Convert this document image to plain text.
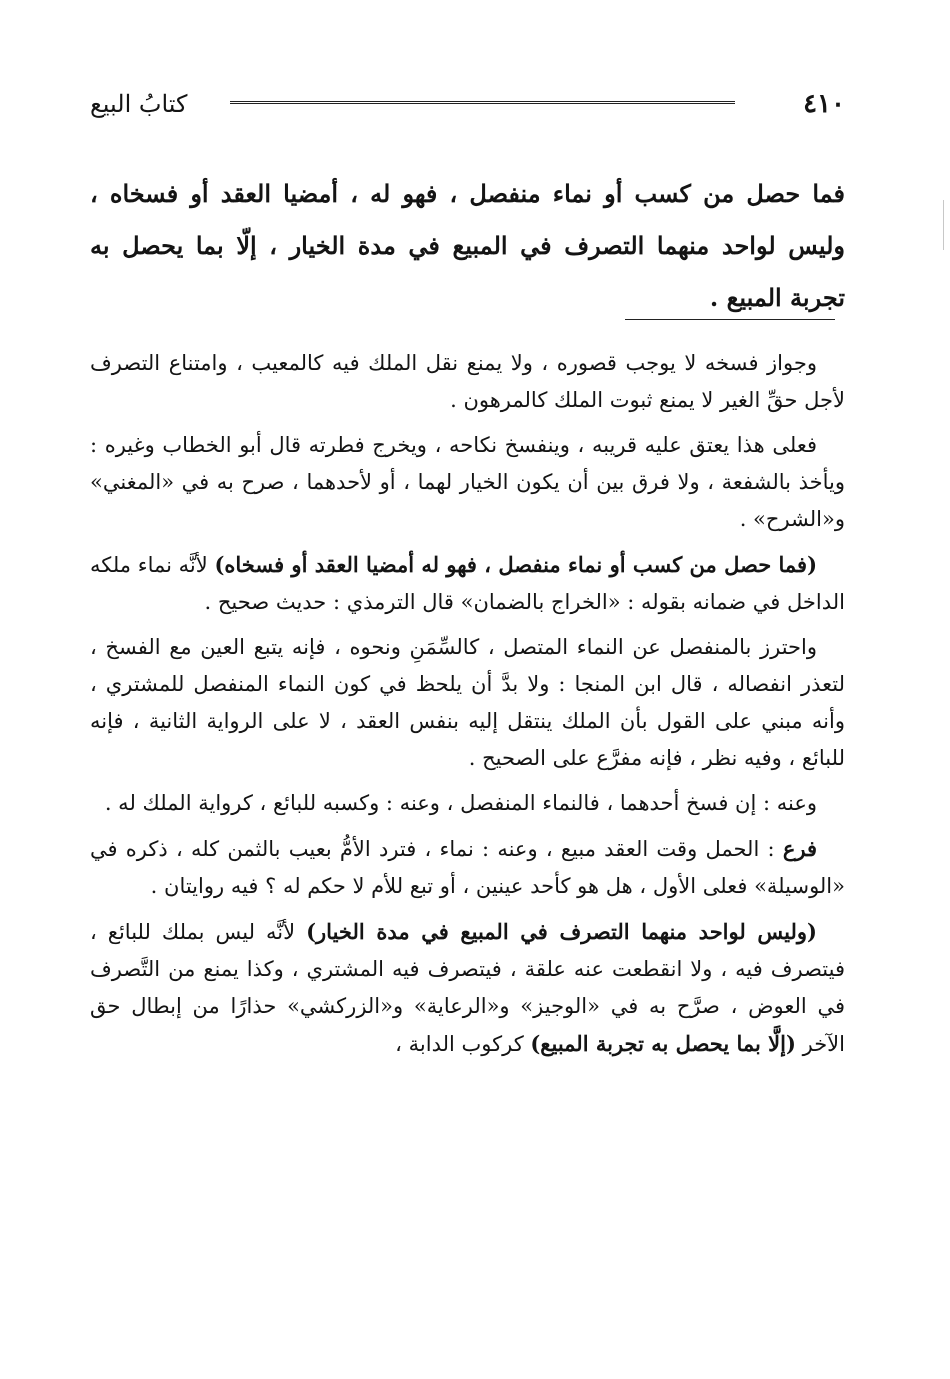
٤١٠
كتابُ البيع
فما حصل من كسب أو نماء منفصل ، فهو له ، أمضيا العقد أو فسخاه ، وليس لواحد منهما التصرف في المبيع في مدة الخيار ، إلّا بما يحصل به تجربة المبيع .

وجواز فسخه لا يوجب قصوره ، ولا يمنع نقل الملك فيه كالمعيب ، وامتناع التصرف لأجل حقِّ الغير لا يمنع ثبوت الملك كالمرهون .

فعلى هذا يعتق عليه قريبه ، وينفسخ نكاحه ، ويخرج فطرته قال أبو الخطاب وغيره : ويأخذ بالشفعة ، ولا فرق بين أن يكون الخيار لهما ، أو لأحدهما ، صرح به في «المغني» و«الشرح» .

(فما حصل من كسب أو نماء منفصل ، فهو له أمضيا العقد أو فسخاه) لأنَّه نماء ملكه الداخل في ضمانه بقوله : «الخراج بالضمان» قال الترمذي : حديث صحيح .

واحترز بالمنفصل عن النماء المتصل ، كالسِّمَنِ ونحوه ، فإنه يتبع العين مع الفسخ ، لتعذر انفصاله ، قال ابن المنجا : ولا بدَّ أن يلحظ في كون النماء المنفصل للمشتري ، وأنه مبني على القول بأن الملك ينتقل إليه بنفس العقد ، لا على الرواية الثانية ، فإنه للبائع ، وفيه نظر ، فإنه مفرَّع على الصحيح .

وعنه : إن فسخ أحدهما ، فالنماء المنفصل ، وعنه : وكسبه للبائع ، كرواية الملك له .

فرع : الحمل وقت العقد مبيع ، وعنه : نماء ، فترد الأمُّ بعيب بالثمن كله ، ذكره في «الوسيلة» فعلى الأول ، هل هو كأحد عينين ، أو تبع للأم لا حكم له ؟ فيه روايتان .

(وليس لواحد منهما التصرف في المبيع في مدة الخيار) لأنَّه ليس بملك للبائع ، فيتصرف فيه ، ولا انقطعت عنه علقة ، فيتصرف فيه المشتري ، وكذا يمنع من التَّصرف في العوض ، صرَّح به في «الوجيز» و«الرعاية» و«الزركشي» حذارًا من إبطال حق الآخر (إلَّا بما يحصل به تجربة المبيع) كركوب الدابة ،
